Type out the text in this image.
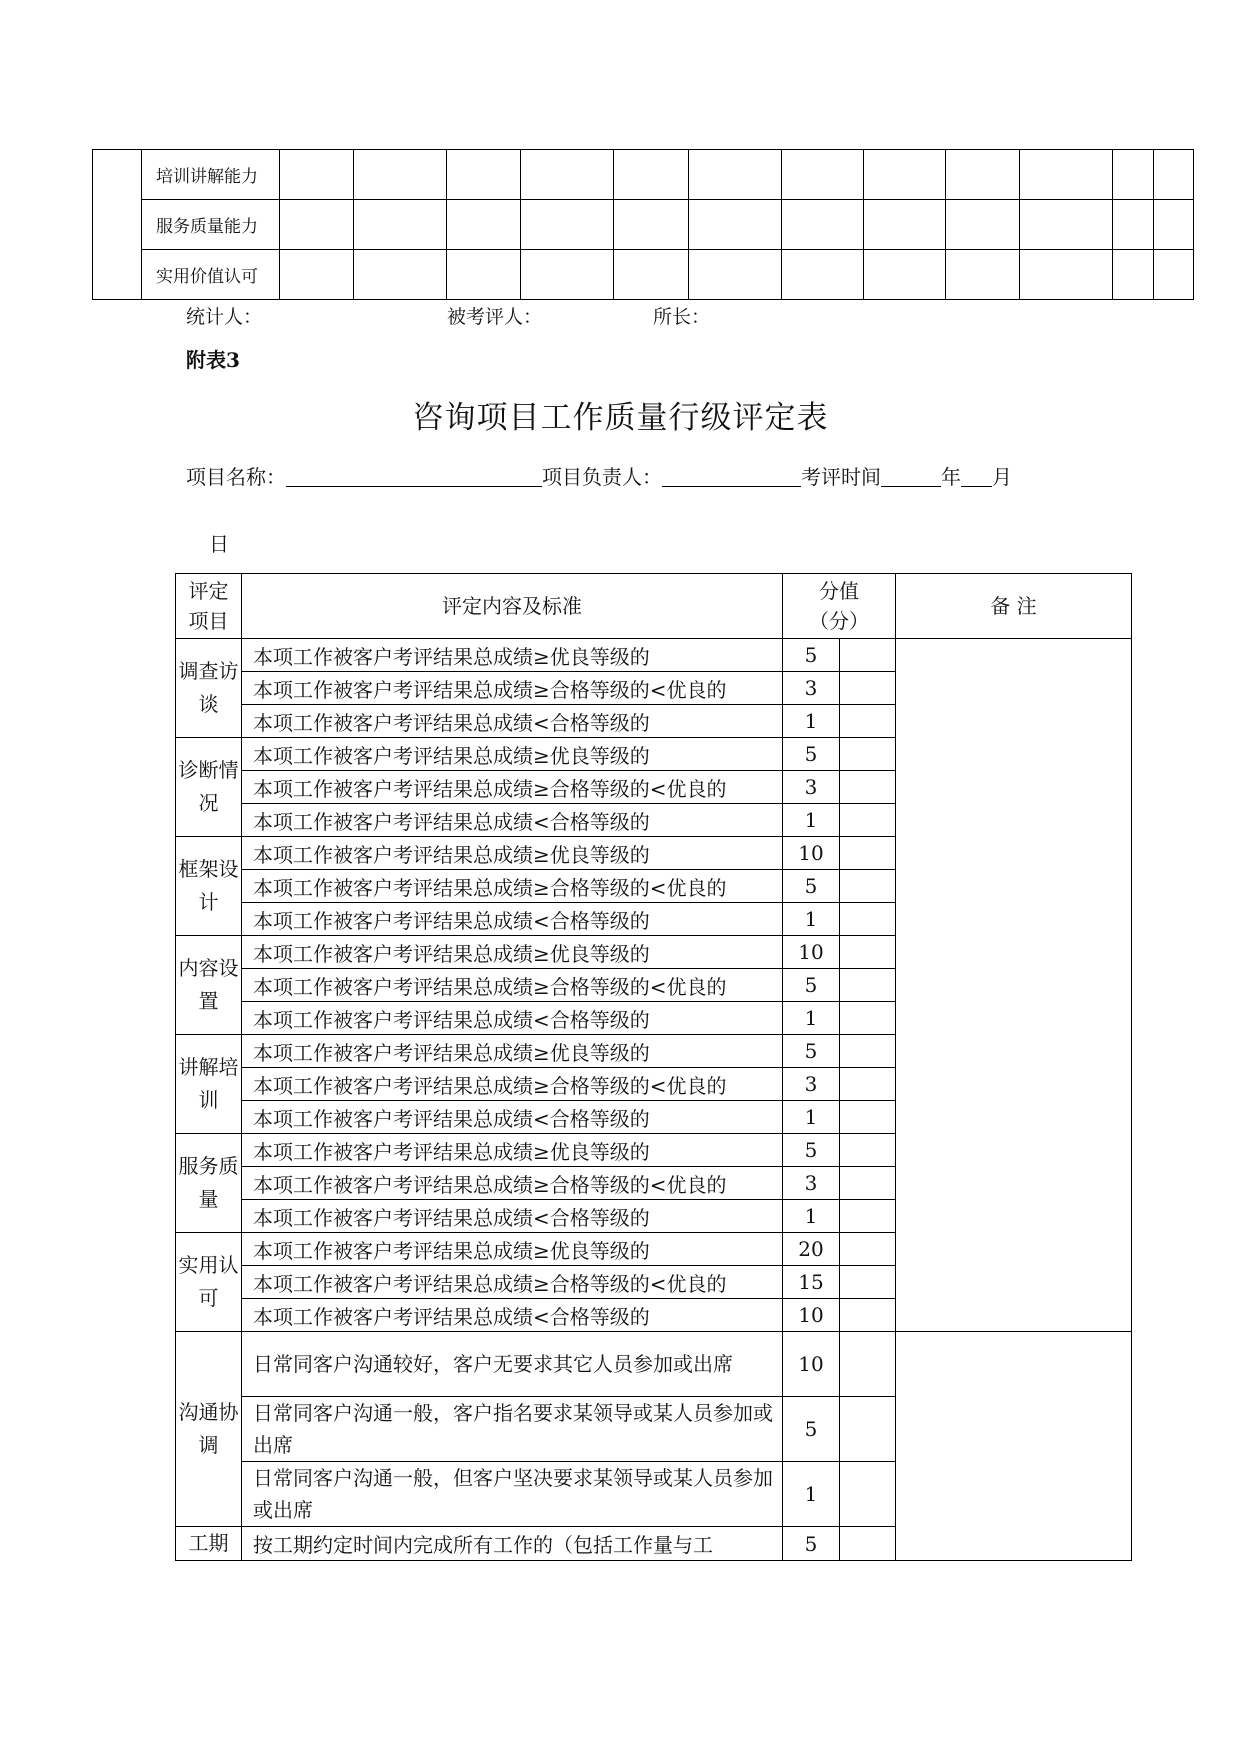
	培训讲解能力												
	服务质量能力												
	实用价值认可												
统计人：	被考评人：	所长：
附表3
咨询项目工作质量行级评定表
项目名称：	项目负责人：	考评时间	年 月
日
评定项目	评定内容及标准	分值（分）		备 注
调查访谈	本项工作被客户考评结果总成绩≥优良等级的	5		
	本项工作被客户考评结果总成绩≥合格等级的<优良的	3		
	本项工作被客户考评结果总成绩<合格等级的	1		
诊断情况	本项工作被客户考评结果总成绩≥优良等级的	5		
	本项工作被客户考评结果总成绩≥合格等级的<优良的	3		
	本项工作被客户考评结果总成绩<合格等级的	1		
框架设计	本项工作被客户考评结果总成绩≥优良等级的	10		
	本项工作被客户考评结果总成绩≥合格等级的<优良的	5		
	本项工作被客户考评结果总成绩<合格等级的	1		
内容设置	本项工作被客户考评结果总成绩≥优良等级的	10		
	本项工作被客户考评结果总成绩≥合格等级的<优良的	5		
	本项工作被客户考评结果总成绩<合格等级的	1		
讲解培训	本项工作被客户考评结果总成绩≥优良等级的	5		
	本项工作被客户考评结果总成绩≥合格等级的<优良的	3		
	本项工作被客户考评结果总成绩<合格等级的	1		
服务质量	本项工作被客户考评结果总成绩≥优良等级的	5		
	本项工作被客户考评结果总成绩≥合格等级的<优良的	3		
	本项工作被客户考评结果总成绩<合格等级的	1		
实用认可	本项工作被客户考评结果总成绩≥优良等级的	20		
	本项工作被客户考评结果总成绩≥合格等级的<优良的	15		
	本项工作被客户考评结果总成绩<合格等级的	10		
沟通协调	日常同客户沟通较好，客户无要求其它人员参加或出席	10		
	日常同客户沟通一般，客户指名要求某领导或某人员参加或出席	5		
	日常同客户沟通一般，但客户坚决要求某领导或某人员参加或出席	1		
工期	按工期约定时间内完成所有工作的（包括工作量与工	5		
